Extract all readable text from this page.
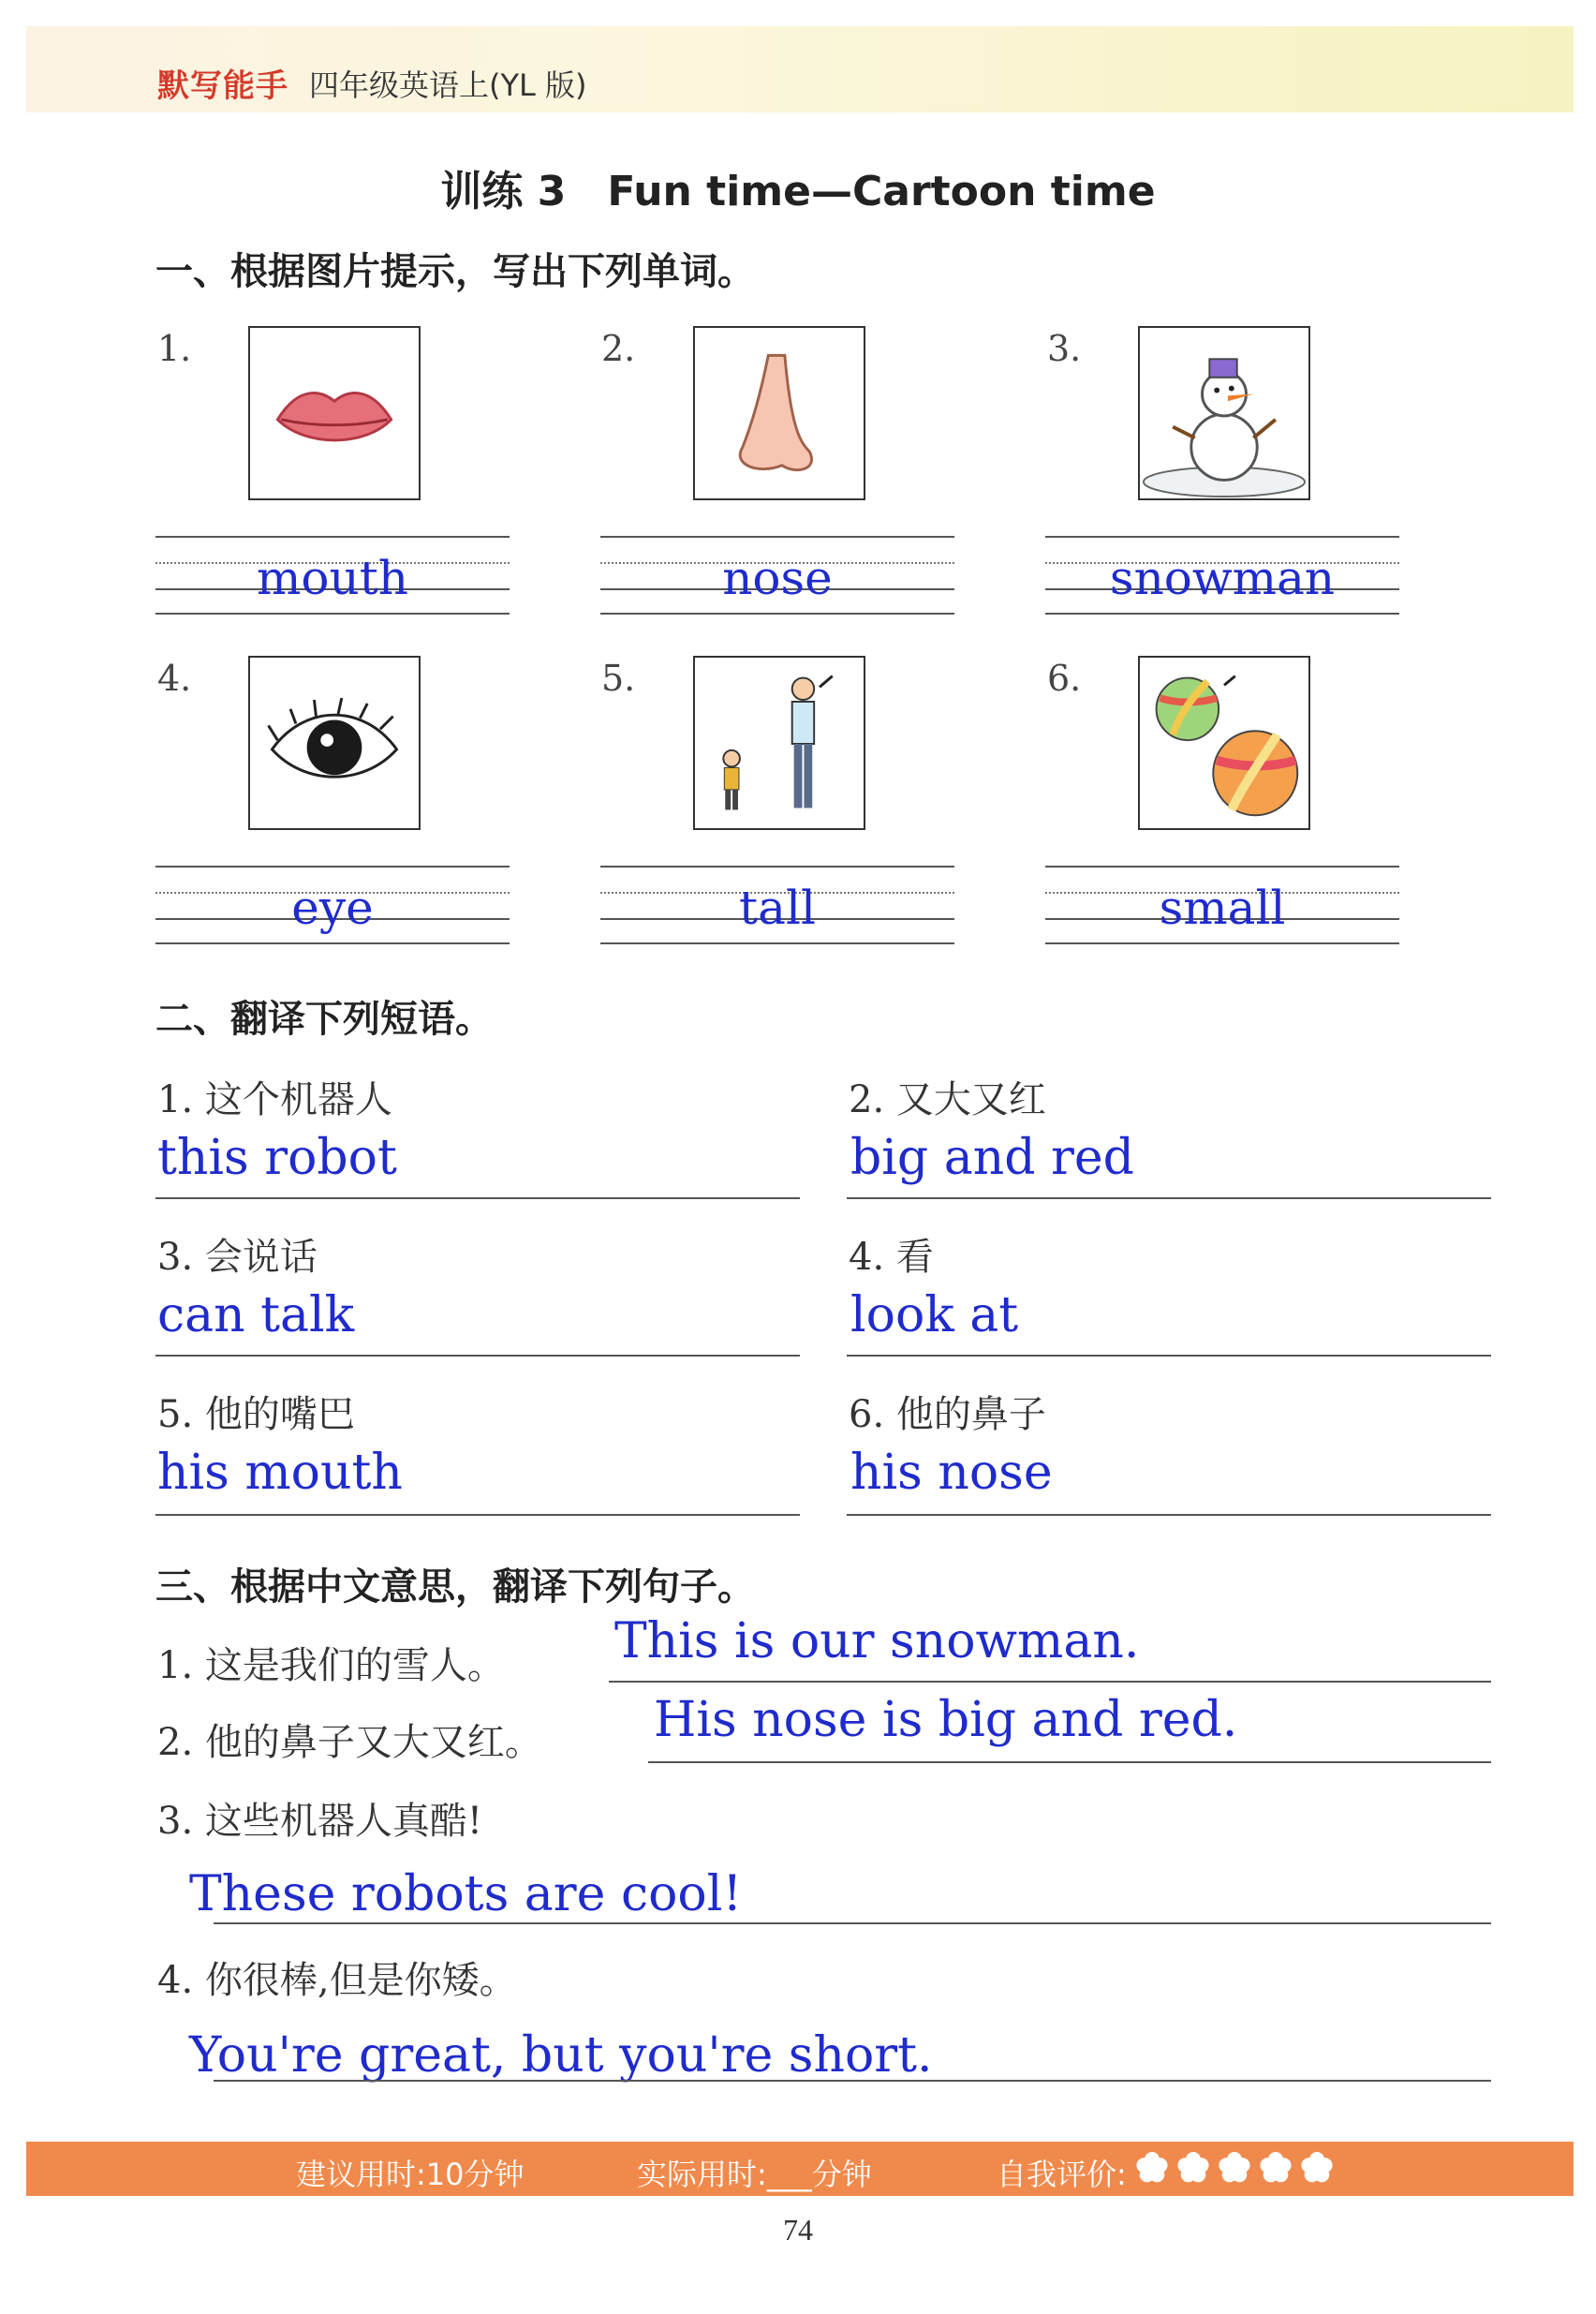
默写能手 四年级英语上(YL 版)
训练 3　Fun time—Cartoon time
一、根据图片提示，写出下列单词。
1.
mouth
2.
nose
3.
snowman
4.
eye
5.
tall
6.
small
二、翻译下列短语。
1. 这个机器人
this robot
2. 又大又红
big and red
3. 会说话
can talk
4. 看
look at
5. 他的嘴巴
his mouth
6. 他的鼻子
his nose
三、根据中文意思，翻译下列句子。
1. 这是我们的雪人。 This is our snowman.
2. 他的鼻子又大又红。 His nose is big and red.
3. 这些机器人真酷!
These robots are cool!
4. 你很棒,但是你矮。
You're great, but you're short.
建议用时:10分钟	实际用时:___分钟	自我评价:
74
